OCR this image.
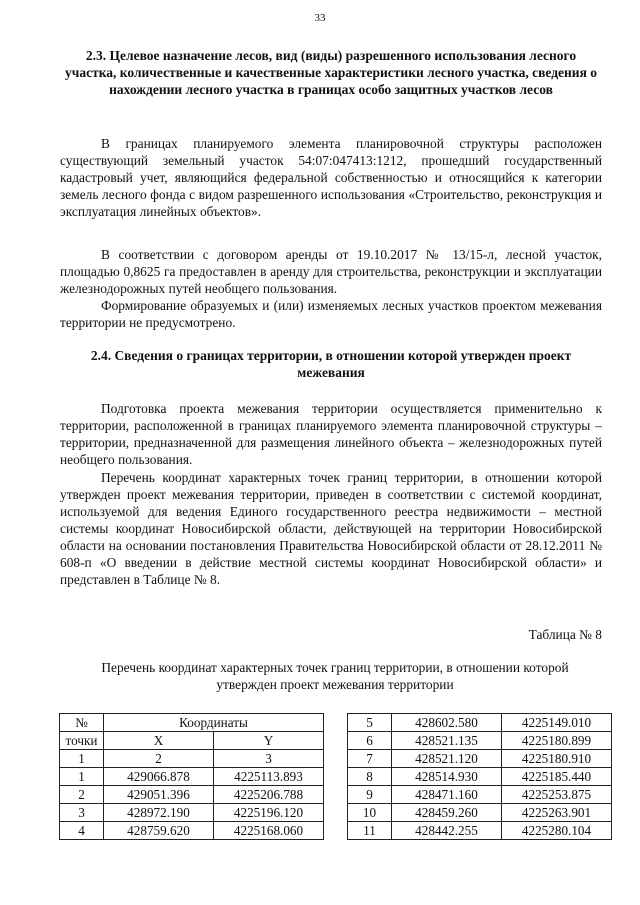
33
2.3. Целевое назначение лесов, вид (виды) разрешенного использования лесного участка, количественные и качественные характеристики лесного участка, сведения о нахождении лесного участка в границах особо защитных участков лесов

В границах планируемого элемента планировочной структуры расположен существующий земельный участок 54:07:047413:1212, прошедший государственный кадастровый учет, являющийся федеральной собственностью и относящийся к категории земель лесного фонда с видом разрешенного использования «Строительство, реконструкция и эксплуатация линейных объектов».

В соответствии с договором аренды от 19.10.2017 № 13/15-л, лесной участок, площадью 0,8625 га предоставлен в аренду для строительства, реконструкции и эксплуатации железнодорожных путей необщего пользования.

Формирование образуемых и (или) изменяемых лесных участков проектом межевания территории не предусмотрено.

2.4. Сведения о границах территории, в отношении которой утвержден проект межевания

Подготовка проекта межевания территории осуществляется применительно к территории, расположенной в границах планируемого элемента планировочной структуры – территории, предназначенной для размещения линейного объекта – железнодорожных путей необщего пользования.

Перечень координат характерных точек границ территории, в отношении которой утвержден проект межевания территории, приведен в соответствии с системой координат, используемой для ведения Единого государственного реестра недвижимости – местной системы координат Новосибирской области, действующей на территории Новосибирской области на основании постановления Правительства Новосибирской области от 28.12.2011 № 608-п «О введении в действие местной системы координат Новосибирской области» и представлен в Таблице № 8.

Таблица № 8
Перечень координат характерных точек границ территории, в отношении которой утвержден проект межевания территории
№	Координаты	
точки	X	Y
1	2	3
1	429066.878	4225113.893
2	429051.396	4225206.788
3	428972.190	4225196.120
4	428759.620	4225168.060
5	428602.580	4225149.010
6	428521.135	4225180.899
7	428521.120	4225180.910
8	428514.930	4225185.440
9	428471.160	4225253.875
10	428459.260	4225263.901
11	428442.255	4225280.104
